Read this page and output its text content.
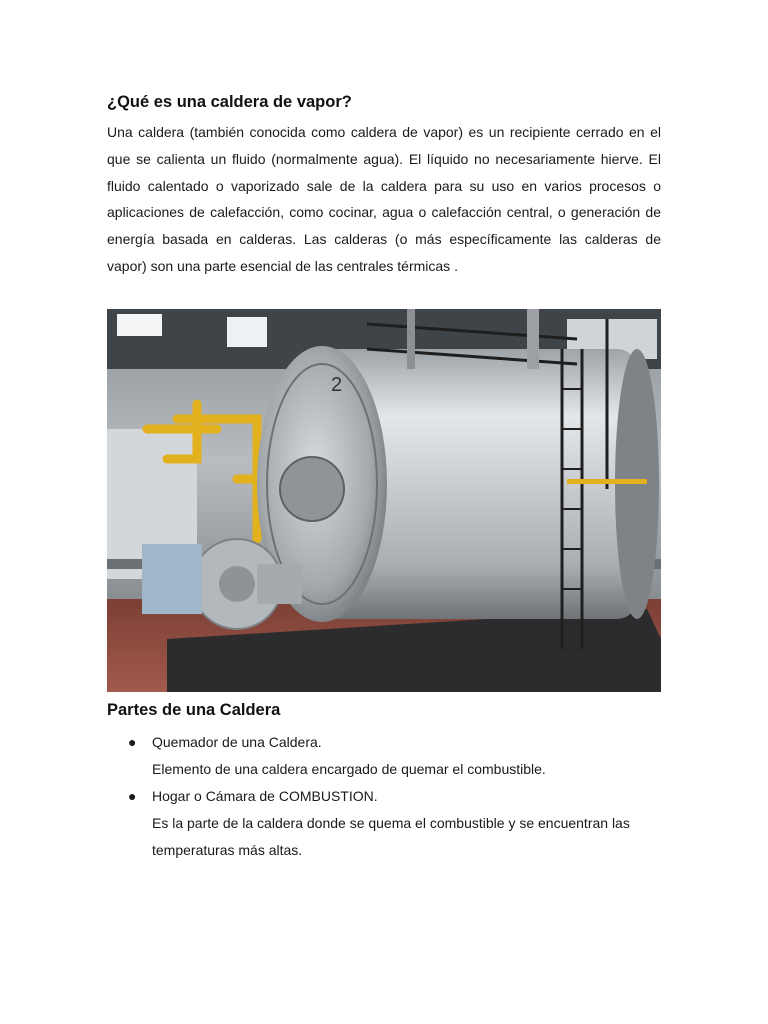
¿Qué es una caldera de vapor?

Una caldera (también conocida como caldera de vapor) es un recipiente cerrado en el que se calienta un fluido (normalmente agua). El líquido no necesariamente hierve. El fluido calentado o vaporizado sale de la caldera para su uso en varios procesos o aplicaciones de calefacción, como cocinar, agua o calefacción central, o generación de energía basada en calderas. Las calderas (o más específicamente las calderas de vapor) son una parte esencial de las centrales térmicas .

2
Partes de una Caldera
● Quemador de una Caldera.
Elemento de una caldera encargado de quemar el combustible.
● Hogar o Cámara de COMBUSTION.
Es la parte de la caldera donde se quema el combustible y se encuentran las temperaturas más altas.
